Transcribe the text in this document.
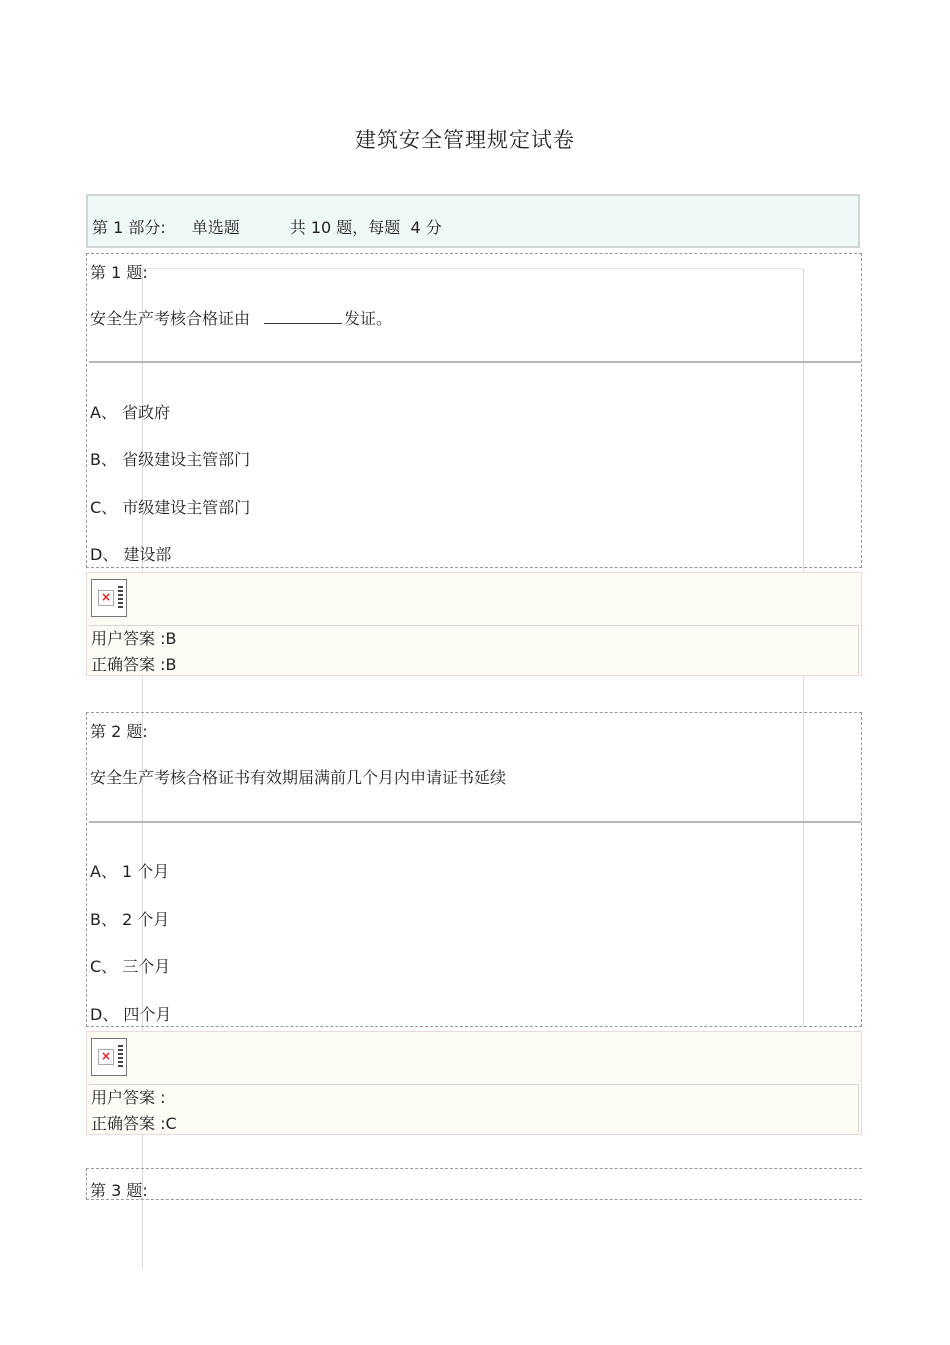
建筑安全管理规定试卷
第 1 部分: 单选题	共 10 题，每题  4 分
第 1 题:
安全生产考核合格证由	发证。
A、 省政府
B、 省级建设主管部门
C、 市级建设主管部门
D、 建设部
×
用户答案 :B
正确答案 :B
第 2 题:
安全生产考核合格证书有效期届满前几个月内申请证书延续
A、 1 个月
B、 2 个月
C、 三个月
D、 四个月
×
用户答案 :
正确答案 :C
第 3 题:
